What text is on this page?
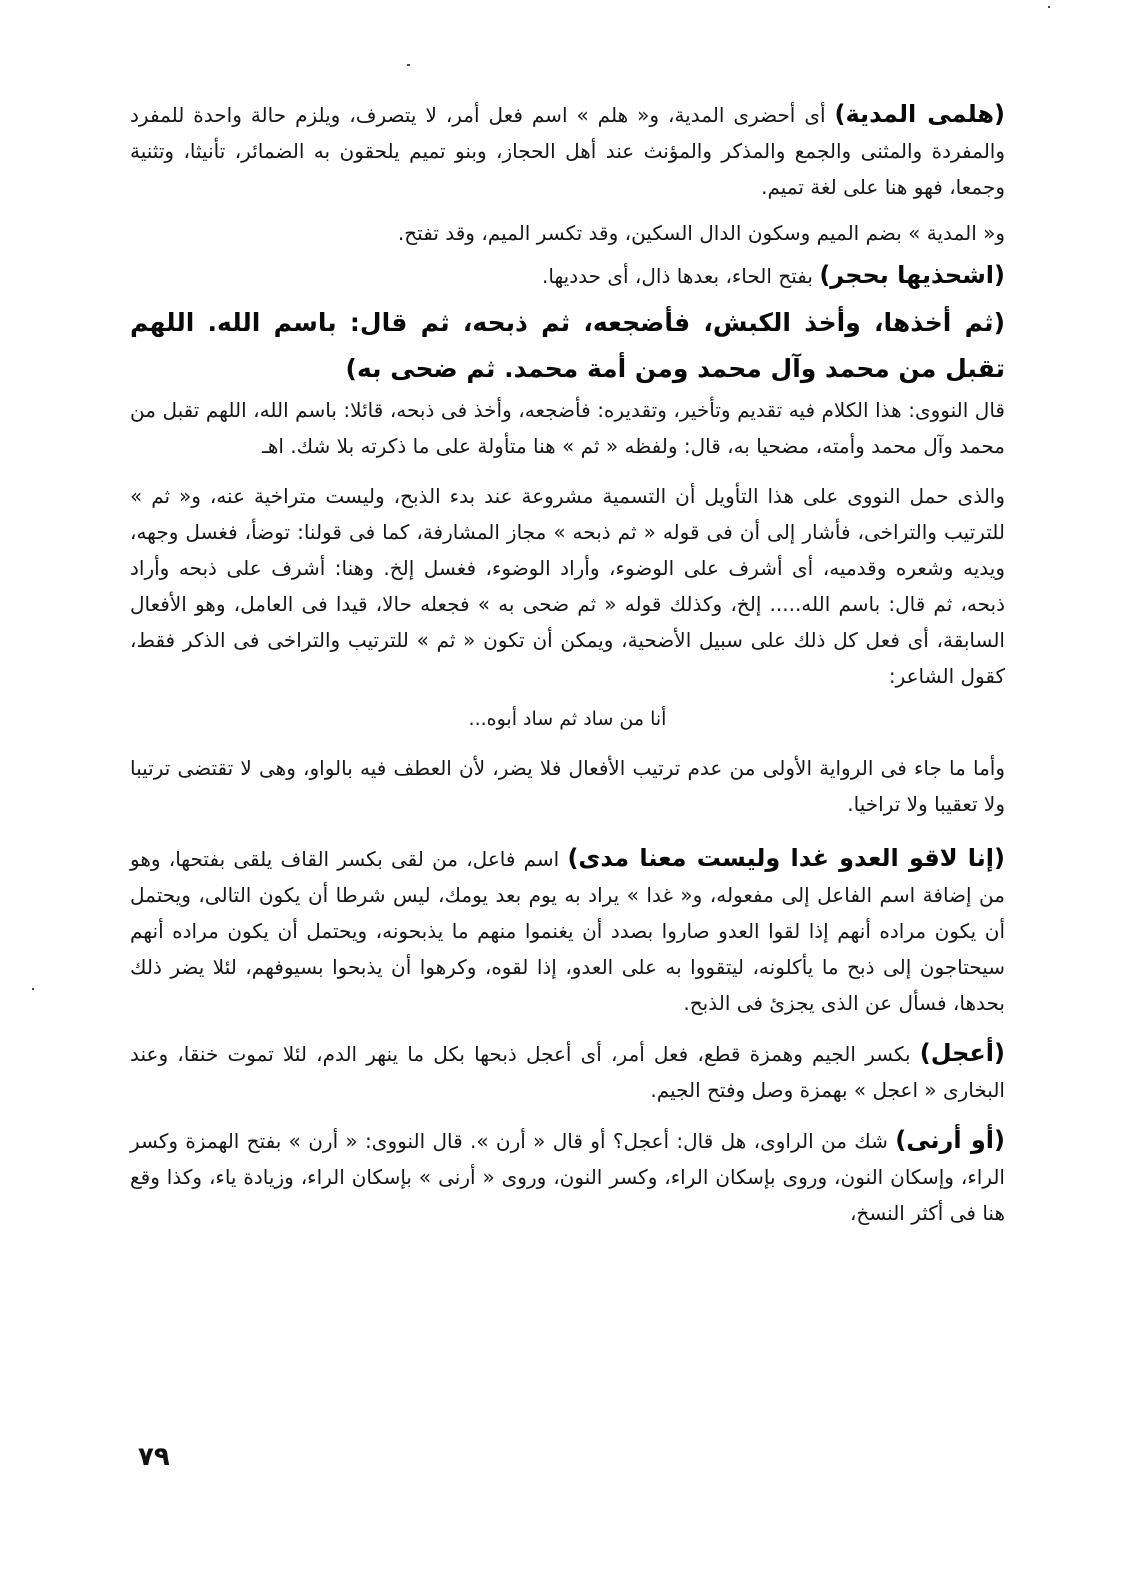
(هلمى المدية) أى أحضرى المدية، و« هلم » اسم فعل أمر، لا يتصرف، ويلزم حالة واحدة للمفرد والمفردة والمثنى والجمع والمذكر والمؤنث عند أهل الحجاز، وبنو تميم يلحقون به الضمائر، تأنيثا، وتثنية وجمعا، فهو هنا على لغة تميم.

و« المدية » بضم الميم وسكون الدال السكين، وقد تكسر الميم، وقد تفتح.

(اشحذيها بحجر) بفتح الحاء، بعدها ذال، أى حدديها.

(ثم أخذها، وأخذ الكبش، فأضجعه، ثم ذبحه، ثم قال: باسم الله. اللهم تقبل من محمد وآل محمد ومن أمة محمد. ثم ضحى به)

قال النووى: هذا الكلام فيه تقديم وتأخير، وتقديره: فأضجعه، وأخذ فى ذبحه، قائلا: باسم الله، اللهم تقبل من محمد وآل محمد وأمته، مضحيا به، قال: ولفظه « ثم » هنا متأولة على ما ذكرته بلا شك. اهـ

والذى حمل النووى على هذا التأويل أن التسمية مشروعة عند بدء الذبح، وليست متراخية عنه، و« ثم » للترتيب والتراخى، فأشار إلى أن فى قوله « ثم ذبحه » مجاز المشارفة، كما فى قولنا: توضأ، فغسل وجهه، ويديه وشعره وقدميه، أى أشرف على الوضوء، وأراد الوضوء، فغسل إلخ. وهنا: أشرف على ذبحه وأراد ذبحه، ثم قال: باسم الله..... إلخ، وكذلك قوله « ثم ضحى به » فجعله حالا، قيدا فى العامل، وهو الأفعال السابقة، أى فعل كل ذلك على سبيل الأضحية، ويمكن أن تكون « ثم » للترتيب والتراخى فى الذكر فقط، كقول الشاعر:

أنا من ساد ثم ساد أبوه...

وأما ما جاء فى الرواية الأولى من عدم ترتيب الأفعال فلا يضر، لأن العطف فيه بالواو، وهى لا تقتضى ترتيبا ولا تعقيبا ولا تراخيا.

(إنا لاقو العدو غدا وليست معنا مدى) اسم فاعل، من لقى بكسر القاف يلقى بفتحها، وهو من إضافة اسم الفاعل إلى مفعوله، و« غدا » يراد به يوم بعد يومك، ليس شرطا أن يكون التالى، ويحتمل أن يكون مراده أنهم إذا لقوا العدو صاروا بصدد أن يغنموا منهم ما يذبحونه، ويحتمل أن يكون مراده أنهم سيحتاجون إلى ذبح ما يأكلونه، ليتقووا به على العدو، إذا لقوه، وكرهوا أن يذبحوا بسيوفهم، لئلا يضر ذلك بحدها، فسأل عن الذى يجزئ فى الذبح.

(أعجل) بكسر الجيم وهمزة قطع، فعل أمر، أى أعجل ذبحها بكل ما ينهر الدم، لئلا تموت خنقا، وعند البخارى « اعجل » بهمزة وصل وفتح الجيم.

(أو أرنى) شك من الراوى، هل قال: أعجل؟ أو قال « أرن ». قال النووى: « أرن » بفتح الهمزة وكسر الراء، وإسكان النون، وروى بإسكان الراء، وكسر النون، وروى « أرنى » بإسكان الراء، وزيادة ياء، وكذا وقع هنا فى أكثر النسخ،

٧٩
